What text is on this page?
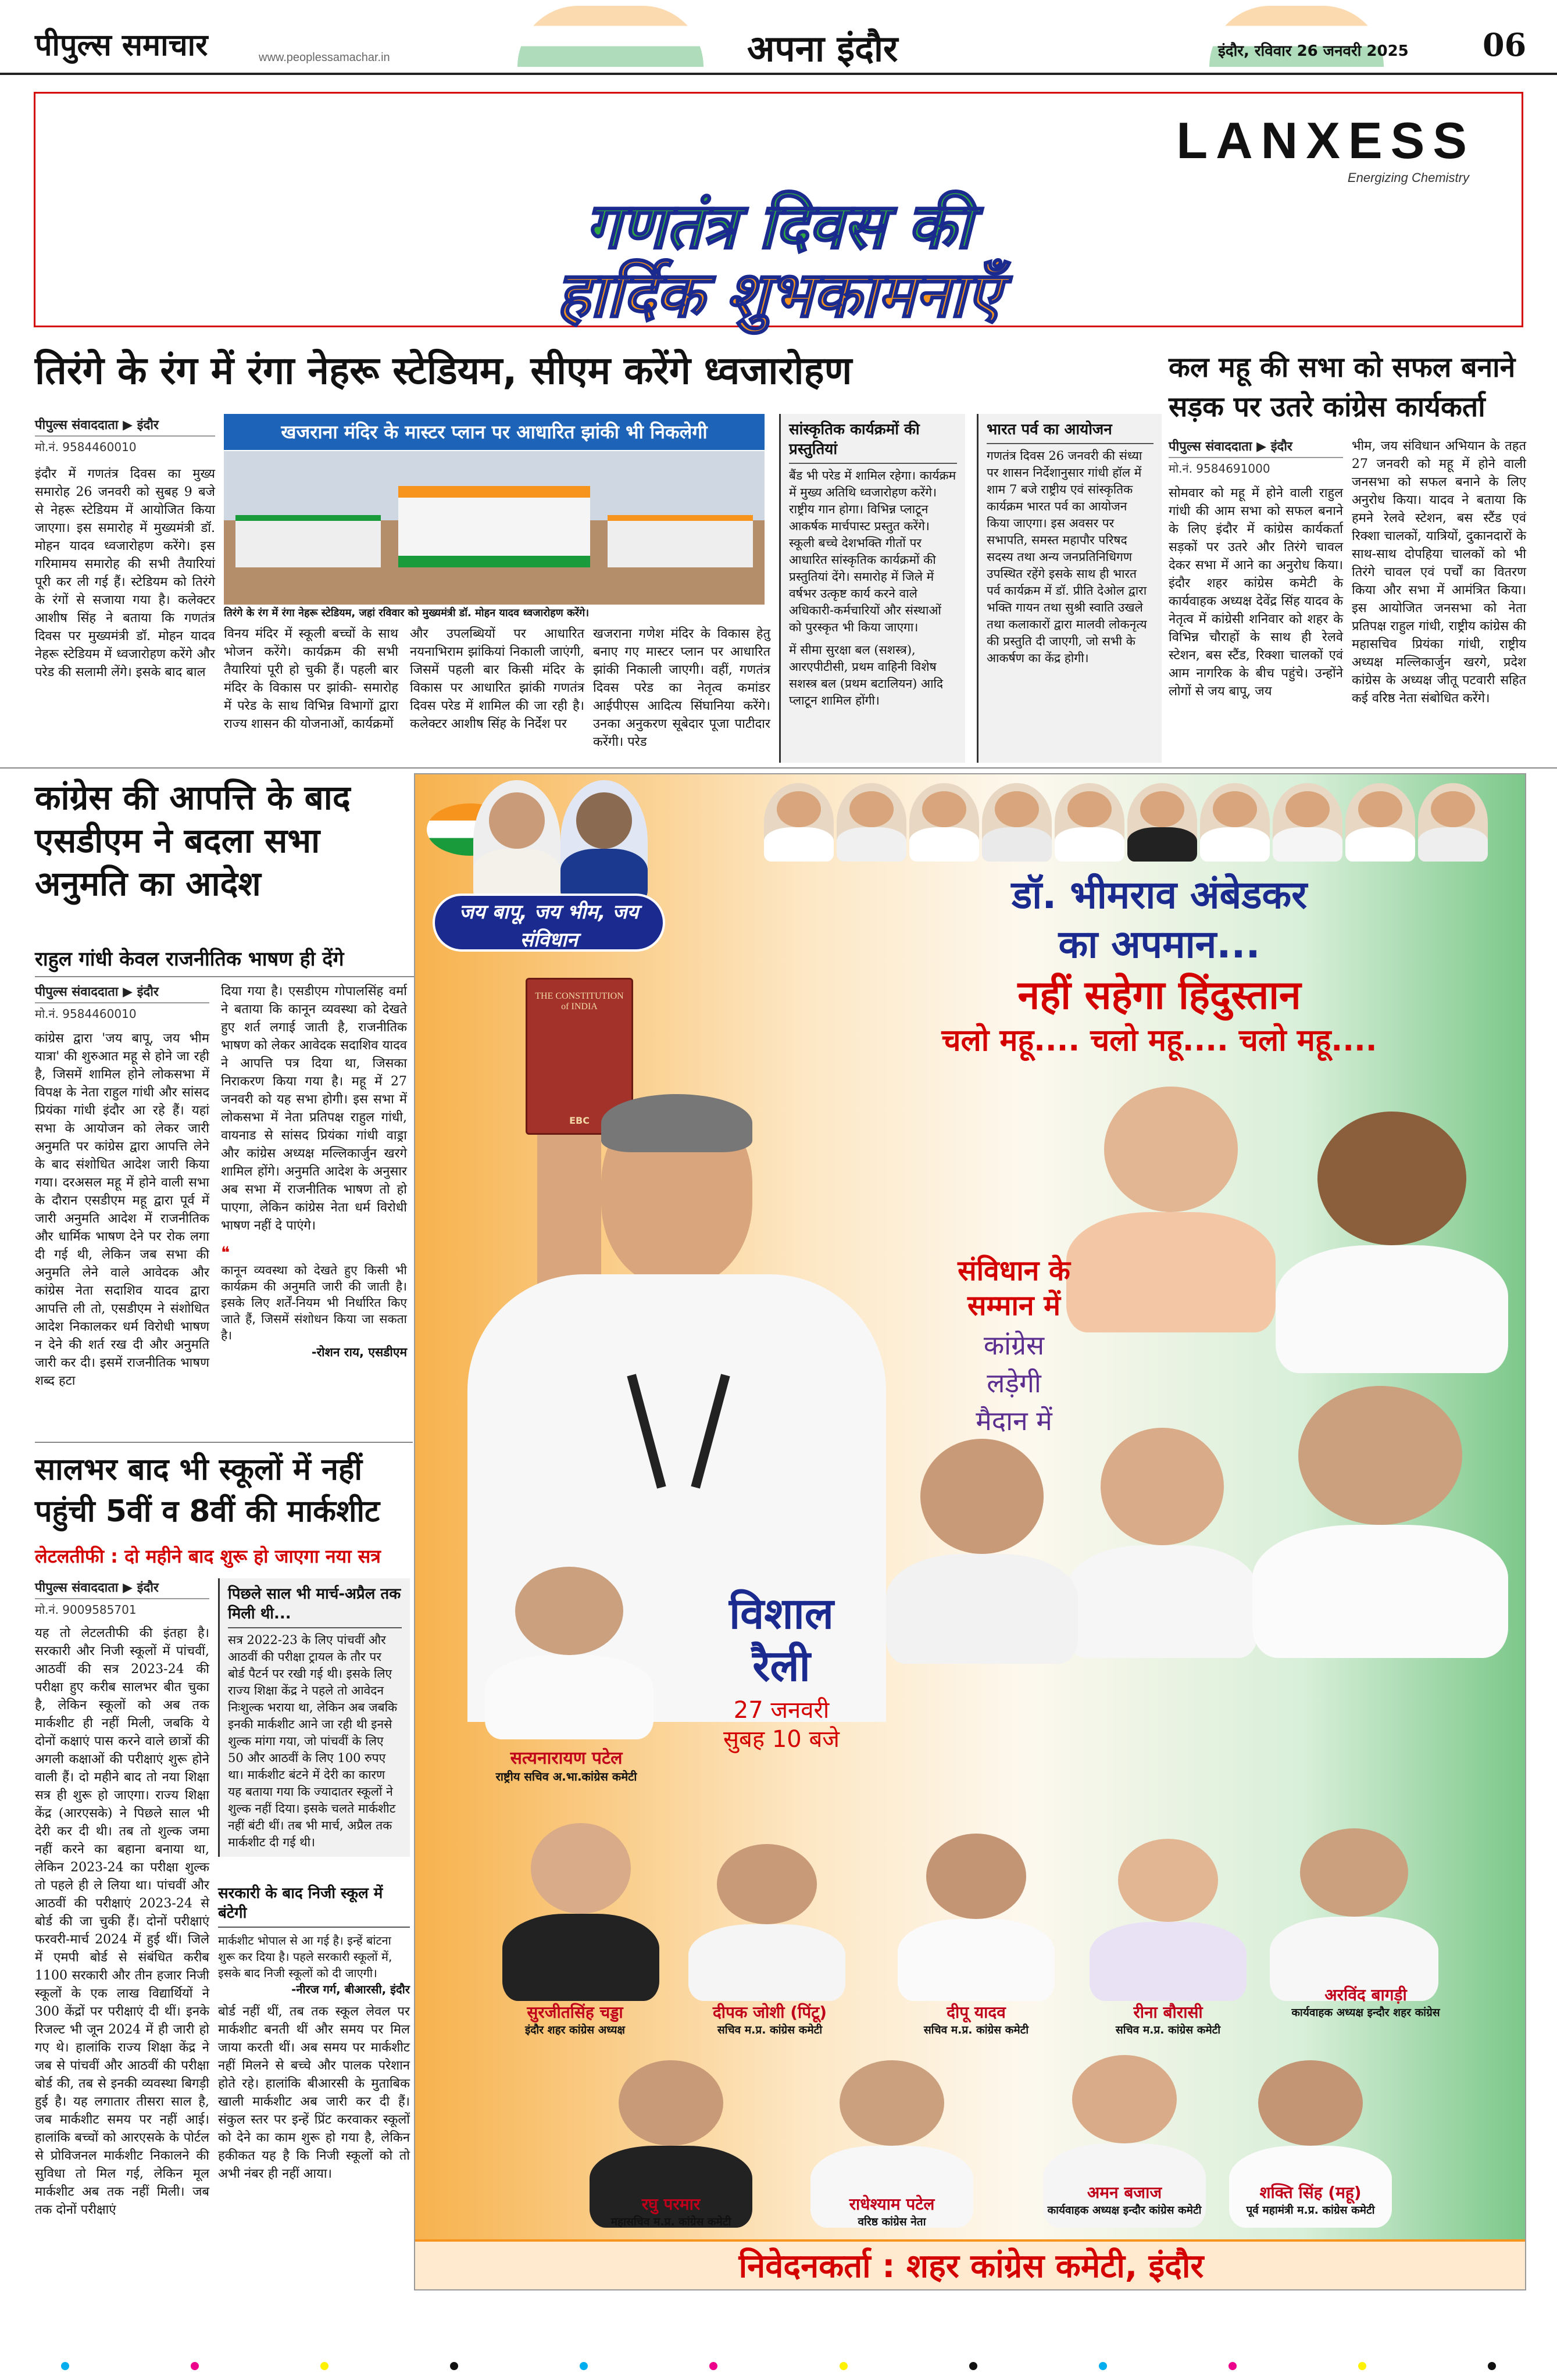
पीपुल्स समाचार	www.peoplessamachar.in	अपना इंदौर	इंदौर, रविवार 26 जनवरी 2025 06
LANXESS
Energizing Chemistry
गणतंत्र दिवस की
हार्दिक शुभकामनाएँ
तिरंगे के रंग में रंगा नेहरू स्टेडियम, सीएम करेंगे ध्वजारोहण
पीपुल्स संवाददाता ▶ इंदौर
मो.नं. 9584460010

इंदौर में गणतंत्र दिवस का मुख्य समारोह 26 जनवरी को सुबह 9 बजे से नेहरू स्टेडियम में आयोजित किया जाएगा। इस समारोह में मुख्यमंत्री डॉ. मोहन यादव ध्वजारोहण करेंगे। इस गरिमामय समारोह की सभी तैयारियां पूरी कर ली गई हैं। स्टेडियम को तिरंगे के रंगों से सजाया गया है। कलेक्टर आशीष सिंह ने बताया कि गणतंत्र दिवस पर मुख्यमंत्री डॉ. मोहन यादव नेहरू स्टेडियम में ध्वजारोहण करेंगे और परेड की सलामी लेंगे। इसके बाद बाल

खजराना मंदिर के मास्टर प्लान पर आधारित झांकी भी निकलेगी
तिरंगे के रंग में रंगा नेहरू स्टेडियम, जहां रविवार को मुख्यमंत्री डॉ. मोहन यादव ध्वजारोहण करेंगे।

विनय मंदिर में स्कूली बच्चों के साथ भोजन करेंगे। कार्यक्रम की सभी तैयारियां पूरी हो चुकी हैं। पहली बार मंदिर के विकास पर झांकी- समारोह में परेड के साथ विभिन्न विभागों द्वारा राज्य शासन की योजनाओं, कार्यक्रमों

और उपलब्धियों पर आधारित नयनाभिराम झांकियां निकाली जाएंगी, जिसमें पहली बार किसी मंदिर के विकास पर आधारित झांकी गणतंत्र दिवस परेड में शामिल की जा रही है। कलेक्टर आशीष सिंह के निर्देश पर

खजराना गणेश मंदिर के विकास हेतु बनाए गए मास्टर प्लान पर आधारित झांकी निकाली जाएगी। वहीं, गणतंत्र दिवस परेड का नेतृत्व कमांडर आईपीएस आदित्य सिंघानिया करेंगे। उनका अनुकरण सूबेदार पूजा पाटीदार करेंगी। परेड

सांस्कृतिक कार्यक्रमों की प्रस्तुतियां

बैंड भी परेड में शामिल रहेगा। कार्यक्रम में मुख्य अतिथि ध्वजारोहण करेंगे। राष्ट्रीय गान होगा। विभिन्न प्लाटून आकर्षक मार्चपास्ट प्रस्तुत करेंगे। स्कूली बच्चे देशभक्ति गीतों पर आधारित सांस्कृतिक कार्यक्रमों की प्रस्तुतियां देंगे। समारोह में जिले में वर्षभर उत्कृष्ट कार्य करने वाले अधिकारी-कर्मचारियों और संस्थाओं को पुरस्कृत भी किया जाएगा।

में सीमा सुरक्षा बल (सशस्त्र), आरएपीटीसी, प्रथम वाहिनी विशेष सशस्त्र बल (प्रथम बटालियन) आदि प्लाटून शामिल होंगी।

भारत पर्व का आयोजन

गणतंत्र दिवस 26 जनवरी की संध्या पर शासन निर्देशानुसार गांधी हॉल में शाम 7 बजे राष्ट्रीय एवं सांस्कृतिक कार्यक्रम भारत पर्व का आयोजन किया जाएगा। इस अवसर पर सभापति, समस्त महापौर परिषद सदस्य तथा अन्य जनप्रतिनिधिगण उपस्थित रहेंगे इसके साथ ही भारत पर्व कार्यक्रम में डॉ. प्रीति देओल द्वारा भक्ति गायन तथा सुश्री स्वाति उखले तथा कलाकारों द्वारा मालवी लोकनृत्य की प्रस्तुति दी जाएगी, जो सभी के आकर्षण का केंद्र होगी।

कल महू की सभा को सफल बनाने सड़क पर उतरे कांग्रेस कार्यकर्ता
पीपुल्स संवाददाता ▶ इंदौर
मो.नं. 9584691000

सोमवार को महू में होने वाली राहुल गांधी की आम सभा को सफल बनाने के लिए इंदौर में कांग्रेस कार्यकर्ता सड़कों पर उतरे और तिरंगे चावल देकर सभा में आने का अनुरोध किया। इंदौर शहर कांग्रेस कमेटी के कार्यवाहक अध्यक्ष देवेंद्र सिंह यादव के नेतृत्व में कांग्रेसी शनिवार को शहर के विभिन्न चौराहों के साथ ही रेलवे स्टेशन, बस स्टैंड, रिक्शा चालकों एवं आम नागरिक के बीच पहुंचे। उन्होंने लोगों से जय बापू, जय

भीम, जय संविधान अभियान के तहत 27 जनवरी को महू में होने वाली जनसभा को सफल बनाने के लिए अनुरोध किया। यादव ने बताया कि हमने रेलवे स्टेशन, बस स्टैंड एवं रिक्शा चालकों, यात्रियों, दुकानदारों के साथ-साथ दोपहिया चालकों को भी तिरंगे चावल एवं पर्चों का वितरण किया और सभा में आमंत्रित किया। इस आयोजित जनसभा को नेता प्रतिपक्ष राहुल गांधी, राष्ट्रीय कांग्रेस की महासचिव प्रियंका गांधी, राष्ट्रीय अध्यक्ष मल्लिकार्जुन खरगे, प्रदेश कांग्रेस के अध्यक्ष जीतू पटवारी सहित कई वरिष्ठ नेता संबोधित करेंगे।

कांग्रेस की आपत्ति के बाद एसडीएम ने बदला सभा अनुमति का आदेश
राहुल गांधी केवल राजनीतिक भाषण ही देंगे
पीपुल्स संवाददाता ▶ इंदौर
मो.नं. 9584460010

कांग्रेस द्वारा 'जय बापू, जय भीम यात्रा' की शुरुआत महू से होने जा रही है, जिसमें शामिल होने लोकसभा में विपक्ष के नेता राहुल गांधी और सांसद प्रियंका गांधी इंदौर आ रहे हैं। यहां सभा के आयोजन को लेकर जारी अनुमति पर कांग्रेस द्वारा आपत्ति लेने के बाद संशोधित आदेश जारी किया गया। दरअसल महू में होने वाली सभा के दौरान एसडीएम महू द्वारा पूर्व में जारी अनुमति आदेश में राजनीतिक और धार्मिक भाषण देने पर रोक लगा दी गई थी, लेकिन जब सभा की अनुमति लेने वाले आवेदक और कांग्रेस नेता सदाशिव यादव द्वारा आपत्ति ली तो, एसडीएम ने संशोधित आदेश निकालकर धर्म विरोधी भाषण न देने की शर्त रख दी और अनुमति जारी कर दी। इसमें राजनीतिक भाषण शब्द हटा

दिया गया है। एसडीएम गोपालसिंह वर्मा ने बताया कि कानून व्यवस्था को देखते हुए शर्त लगाई जाती है, राजनीतिक भाषण को लेकर आवेदक सदाशिव यादव ने आपत्ति पत्र दिया था, जिसका निराकरण किया गया है। महू में 27 जनवरी को यह सभा होगी। इस सभा में लोकसभा में नेता प्रतिपक्ष राहुल गांधी, वायनाड से सांसद प्रियंका गांधी वाड्रा और कांग्रेस अध्यक्ष मल्लिकार्जुन खरगे शामिल होंगे। अनुमति आदेश के अनुसार अब सभा में राजनीतिक भाषण तो हो पाएगा, लेकिन कांग्रेस नेता धर्म विरोधी भाषण नहीं दे पाएंगे।

❝

कानून व्यवस्था को देखते हुए किसी भी कार्यक्रम की अनुमति जारी की जाती है। इसके लिए शर्तें-नियम भी निर्धारित किए जाते हैं, जिसमें संशोधन किया जा सकता है।

-रोशन राय, एसडीएम

सालभर बाद भी स्कूलों में नहीं पहुंची 5वीं व 8वीं की मार्कशीट
लेटलतीफी : दो महीने बाद शुरू हो जाएगा नया सत्र
पीपुल्स संवाददाता ▶ इंदौर
मो.नं. 9009585701

यह तो लेटलतीफी की इंतहा है। सरकारी और निजी स्कूलों में पांचवीं, आठवीं की सत्र 2023-24 की परीक्षा हुए करीब सालभर बीत चुका है, लेकिन स्कूलों को अब तक मार्कशीट ही नहीं मिली, जबकि ये दोनों कक्षाएं पास करने वाले छात्रों की अगली कक्षाओं की परीक्षाएं शुरू होने वाली हैं। दो महीने बाद तो नया शिक्षा सत्र ही शुरू हो जाएगा। राज्य शिक्षा केंद्र (आरएसके) ने पिछले साल भी देरी कर दी थी। तब तो शुल्क जमा नहीं करने का बहाना बनाया था, लेकिन 2023-24 का परीक्षा शुल्क तो पहले ही ले लिया था। पांचवीं और आठवीं की परीक्षाएं 2023-24 से बोर्ड की जा चुकी हैं। दोनों परीक्षाएं फरवरी-मार्च 2024 में हुई थीं। जिले में एमपी बोर्ड से संबंधित करीब 1100 सरकारी और तीन हजार निजी स्कूलों के एक लाख विद्यार्थियों ने 300 केंद्रों पर परीक्षाएं दी थीं। इनके रिजल्ट भी जून 2024 में ही जारी हो गए थे। हालांकि राज्य शिक्षा केंद्र ने जब से पांचवीं और आठवीं की परीक्षा बोर्ड की, तब से इनकी व्यवस्था बिगड़ी हुई है। यह लगातार तीसरा साल है, जब मार्कशीट समय पर नहीं आई। हालांकि बच्चों को आरएसके के पोर्टल से प्रोविजनल मार्कशीट निकालने की सुविधा तो मिल गई, लेकिन मूल मार्कशीट अब तक नहीं मिली। जब तक दोनों परीक्षाएं

पिछले साल भी मार्च-अप्रैल तक मिली थी...

सत्र 2022-23 के लिए पांचवीं और आठवीं की परीक्षा ट्रायल के तौर पर बोर्ड पैटर्न पर रखी गई थी। इसके लिए राज्य शिक्षा केंद्र ने पहले तो आवेदन निःशुल्क भराया था, लेकिन अब जबकि इनकी मार्कशीट आने जा रही थी इनसे शुल्क मांगा गया, जो पांचवीं के लिए 50 और आठवीं के लिए 100 रुपए था। मार्कशीट बंटने में देरी का कारण यह बताया गया कि ज्यादातर स्कूलों ने शुल्क नहीं दिया। इसके चलते मार्कशीट नहीं बंटी थीं। तब भी मार्च, अप्रैल तक मार्कशीट दी गई थी।

सरकारी के बाद निजी स्कूल में बंटेगी

मार्कशीट भोपाल से आ गई है। इन्हें बांटना शुरू कर दिया है। पहले सरकारी स्कूलों में, इसके बाद निजी स्कूलों को दी जाएगी।

-नीरज गर्ग, बीआरसी, इंदौर

बोर्ड नहीं थीं, तब तक स्कूल लेवल पर मार्कशीट बनती थीं और समय पर मिल जाया करती थीं। अब समय पर मार्कशीट नहीं मिलने से बच्चे और पालक परेशान होते रहे। हालांकि बीआरसी के मुताबिक खाली मार्कशीट अब जारी कर दी हैं। संकुल स्तर पर इन्हें प्रिंट करवाकर स्कूलों को देने का काम शुरू हो गया है, लेकिन हकीकत यह है कि निजी स्कूलों को तो अभी नंबर ही नहीं आया।

जय बापू, जय भीम, जय संविधान
डॉ. भीमराव अंबेडकर
का अपमान...
नहीं सहेगा हिंदुस्तान
चलो महू.... चलो महू.... चलो महू....
THE CONSTITUTION of INDIA
EBC
संविधान के
सम्मान में
कांग्रेस
लड़ेगी
मैदान में
विशाल
रैली
27 जनवरी
सुबह 10 बजे
सत्यनारायण पटेल
राष्ट्रीय सचिव अ.भा.कांग्रेस कमेटी
सुरजीतसिंह चड्डा
इंदौर शहर कांग्रेस अध्यक्ष
दीपक जोशी (पिंटू)
सचिव म.प्र. कांग्रेस कमेटी
दीपू यादव
सचिव म.प्र. कांग्रेस कमेटी
रीना बौरासी
सचिव म.प्र. कांग्रेस कमेटी
अरविंद बागड़ी
कार्यवाहक अध्यक्ष इन्दौर शहर कांग्रेस
रघु परमार
महासचिव म.प्र. कांग्रेस कमेटी
राधेश्याम पटेल
वरिष्ठ कांग्रेस नेता
अमन बजाज
कार्यवाहक अध्यक्ष इन्दौर कांग्रेस कमेटी
शक्ति सिंह (महू)
पूर्व महामंत्री म.प्र. कांग्रेस कमेटी
निवेदनकर्ता : शहर कांग्रेस कमेटी, इंदौर
